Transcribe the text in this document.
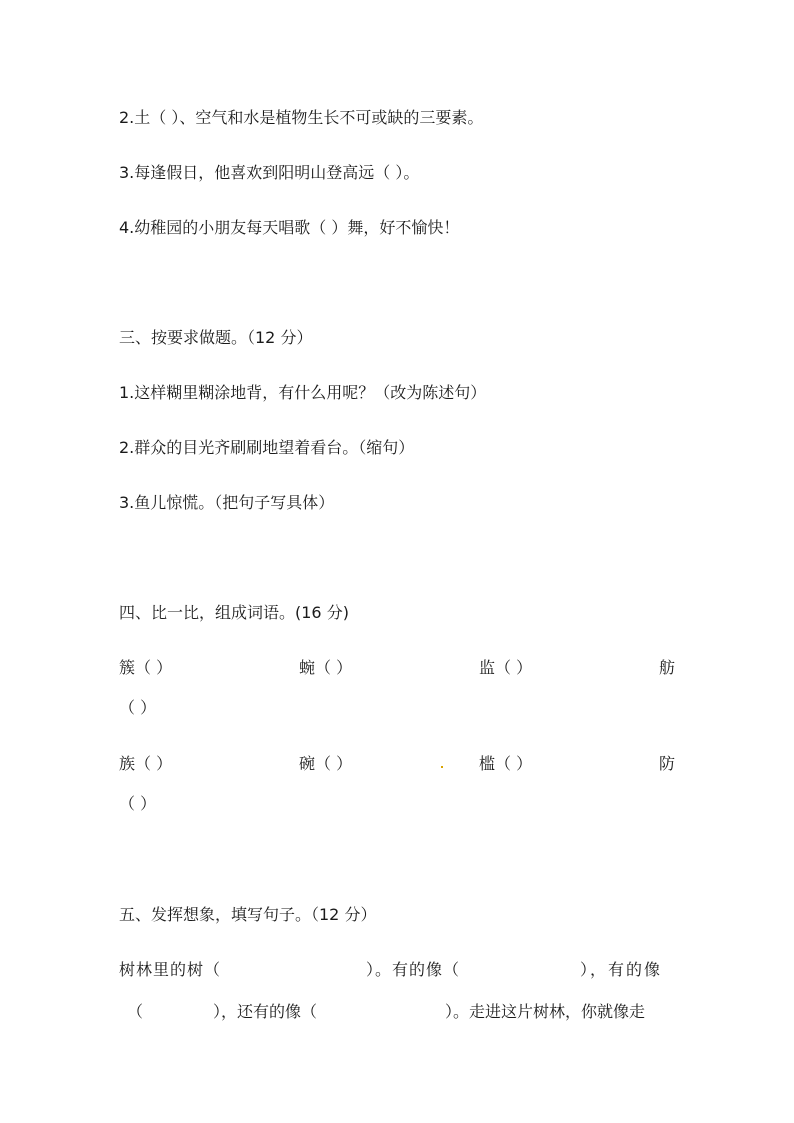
2.土（ ）、空气和水是植物生长不可或缺的三要素。
3.每逢假日，他喜欢到阳明山登高远（ ）。
4.幼稚园的小朋友每天唱歌（ ）舞，好不愉快！
三、按要求做题。（12 分）
1.这样糊里糊涂地背，有什么用呢？（改为陈述句）
2.群众的目光齐刷刷地望着看台。（缩句）
3.鱼儿惊慌。（把句子写具体）
四、比一比，组成词语。(16 分)
簇（ ）	蜿（ ）	监（ ）	舫
（ ）
族（ ）	碗（ ）	槛（ ）	防
（ ）
五、发挥想象，填写句子。（12 分）
树林里的树（	）。有的像（	），有的像
（	），还有的像（	）。走进这片树林，你就像走
